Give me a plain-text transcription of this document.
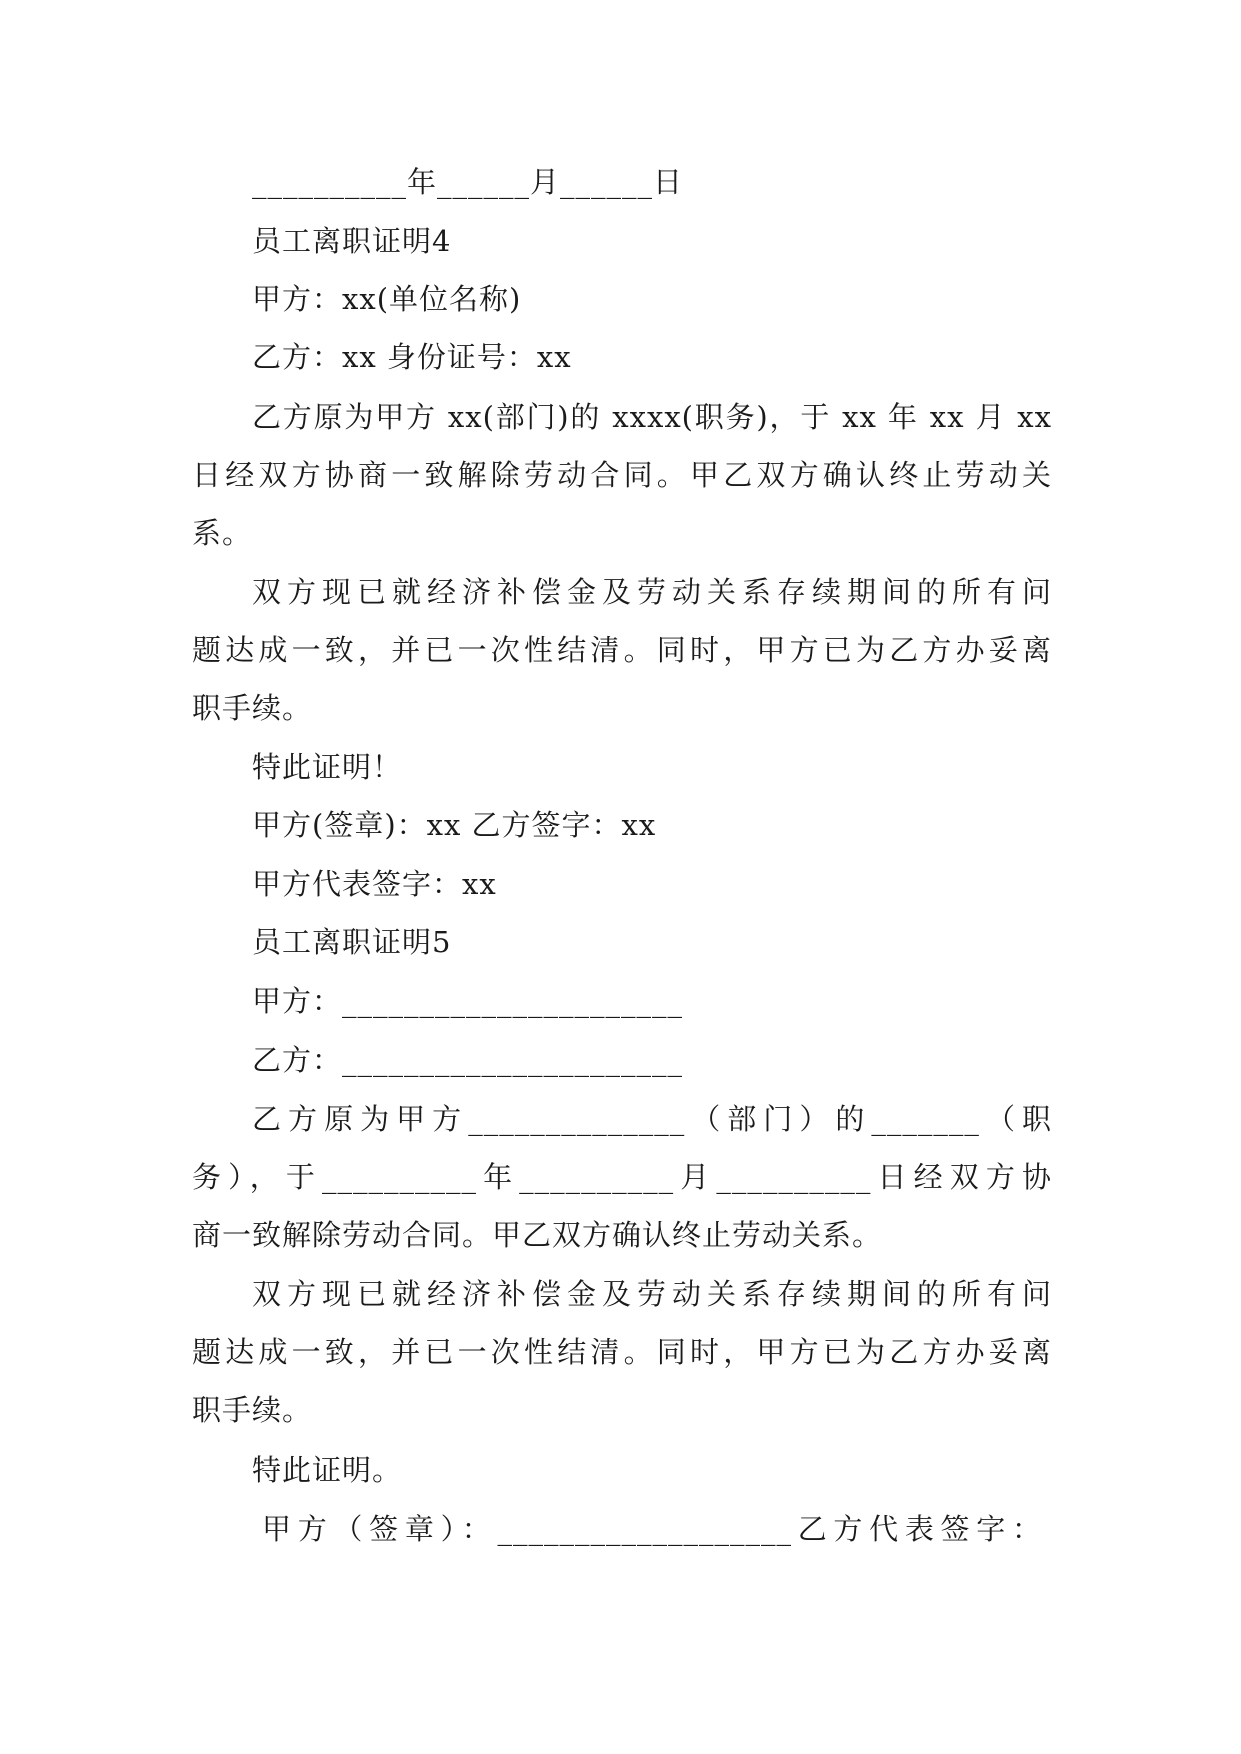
__________年______月______日
员工离职证明4
甲方：xx(单位名称)
乙方：xx 身份证号：xx
乙方原为甲方 xx(部门)的 xxxx(职务)，于 xx 年 xx 月 xx
日经双方协商一致解除劳动合同。甲乙双方确认终止劳动关
系。
双方现已就经济补偿金及劳动关系存续期间的所有问
题达成一致，并已一次性结清。同时，甲方已为乙方办妥离
职手续。
特此证明！
甲方(签章)：xx 乙方签字：xx
甲方代表签字：xx
员工离职证明5
甲方：______________________
乙方：______________________
乙方原为甲方______________（部门）的_______（职
务），于__________年__________月__________日经双方协
商一致解除劳动合同。甲乙双方确认终止劳动关系。
双方现已就经济补偿金及劳动关系存续期间的所有问
题达成一致，并已一次性结清。同时，甲方已为乙方办妥离
职手续。
特此证明。
甲方（签章）：___________________乙方代表签字：
